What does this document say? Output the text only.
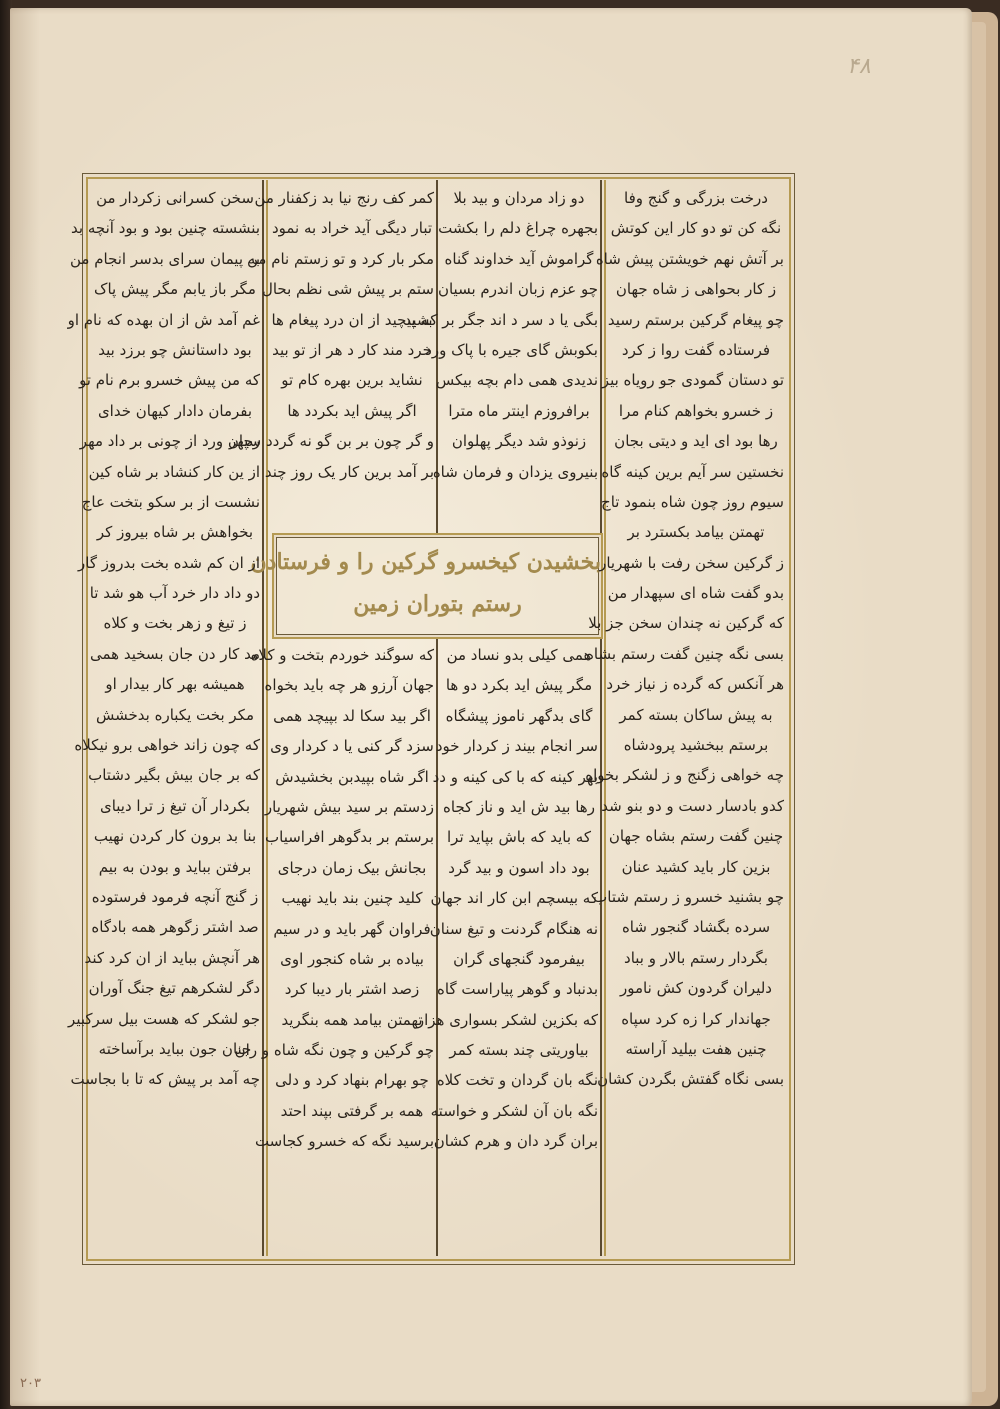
۴۸
۲۰۳
بخشیدن کیخسرو گرکین را و فرستادن
رستم بتوران زمین
درخت بزرگی و گنج وفا
نگه کن تو دو کار این کوتش
بر آتش نهم خویشتن پیش شاه
ز کار بحواهی ز شاه جهان
چو پیغام گرکین برستم رسید
فرستاده گفت روا ز کرد
تو دستان گمودی جو رویاه بیز
ز خسرو بخواهم کنام مرا
رها بود ای اید و دیتی بجان
نخستین سر آیم برین کینه گاه
سیوم روز چون شاه بنمود تاج
تهمتن بیامد بکسترد بر
ز گرکین سخن رفت با شهریار
بدو گفت شاه ای سپهدار من
که گرکین نه چندان سخن جز بلا
بسی نگه چنین گفت رستم بشاه
هر آنکس که گرده ز نیاز خرد
به پیش ساکان بسته کمر
برستم ببخشید پرودشاه
چه خواهی زگنج و ز لشکر بخواه
کدو بادسار دست و دو بنو شد
چنین گفت رستم بشاه جهان
بزین کار باید کشید عنان
چو بشنید خسرو ز رستم شتاب
سرده بگشاد گنجور شاه
بگردار رستم بالار و بباد
دلیران گردون کش نامور
جهاندار کرا زه کرد سپاه
چنین هفت بیلید آراسته
بسی نگاه گفتش بگردن کشان
دو زاد مردان و بید بلا
بجهره چراغ دلم را بکشت
گراموش آید خداوند گناه
چو عزم زبان اندرم بسیان
بگی یا د سر د اند جگر بر کشید
بکوبش گای جیره با پاک ورد
ندیدی همی دام بچه بیکس
برافروزم اینتر ماه مترا
زنوذو شد دیگر پهلوان
بنیروی یزدان و فرمان شاه
همی کیلی بدو نساد من
مگر پیش اید بکرد دو ها
گای بدگهر ناموز پیشگاه
سر انجام بیند ز کردار خود
بهر کینه که با کی کینه و دد
رها بید ش اید و ناز کجاه
که باید که باش بپاید ترا
بود داد اسون و بید گرد
که بیسچم ابن کار اند جهان
نه هنگام گردنت و تیغ سنان
بیفرمود گنجهای گران
بدنباد و گوهر پیاراست گاه
که بکزین لشکر بسواری هزار
بیاوریتی چند بسته کمر
نگه بان گردان و تخت کلاه
نگه بان آن لشکر و خواسته
بران گرد دان و هرم کشان
کمر کف رنج نیا بد زکفنار من
تبار دیگی آید خراد به نمود
مکر بار کرد و تو زستم نام من
ستم بر پیش شی نظم بحال
به پیچید از ان درد پیغام ها
خرد مند کار د هر از تو بید
نشاید برین بهره کام تو
اگر پیش اید بکردد ها
و گر چون بر بن گو نه گردد سپهر
بر آمد برین کار یک روز چند
که سوگند خوردم بتخت و کلاه
جهان آرزو هر چه باید بخواه
اگر بید سکا لد بپیچد همی
سزد گر کنی یا د کردار وی
اگر شاه بپیدبن بخشیدش
زدستم بر سید بیش شهریار
برستم بر بدگوهر افراسیاب
بجانش بیک زمان درجای
کلید چنین بند باید نهیب
فراوان گهر باید و در سیم
بیاده بر شاه کنجور اوی
زصد اشتر بار دیبا کرد
تهمتن بیامد همه بنگرید
چو گرکین و چون نگه شاه و ران
چو بهرام بنهاد کرد و دلی
همه بر گرفتی بپند احتد
برسید نگه که خسرو کجاست
سخن کسرانی زکردار من
بنشسته چنین بود و بود آنچه بد
به پیمان سرای بدسر انجام من
مگر باز یابم مگر پیش پاک
غم آمد ش از ان بهده که نام او
بود داستانش چو برزد بید
که من پیش خسرو برم نام تو
بفرمان دادار کیهان خدای
رجان ورد از چونی بر داد مهر
از ین کار کنشاد بر شاه کین
نشست از بر سکو بتخت عاج
بخواهش بر شاه بیروز کر
از ان کم شده بخت بدروز گار
دو داد دار خرد آب هو شد تا
ز تیغ و زهر بخت و کلاه
مد کار دن جان بسخید همی
همیشه بهر کار بیدار او
مکر بخت یکباره بدخشش
که چون زاند خواهی برو نیکلاه
که بر جان بیش بگیر دشتاب
بکردار آن تیغ ز ترا دیبای
بنا بد برون کار کردن نهیب
برفتن بباید و بودن به بیم
ز گنج آنچه فرمود فرستوده
صد اشتر زگوهر همه بادگاه
هر آنچش بباید از ان کرد کند
دگر لشکرهم تیغ جنگ آوران
جو لشکر که هست بیل سرکبیر
جنان جون بباید برآساخته
چه آمد بر پیش که تا با بجاست
